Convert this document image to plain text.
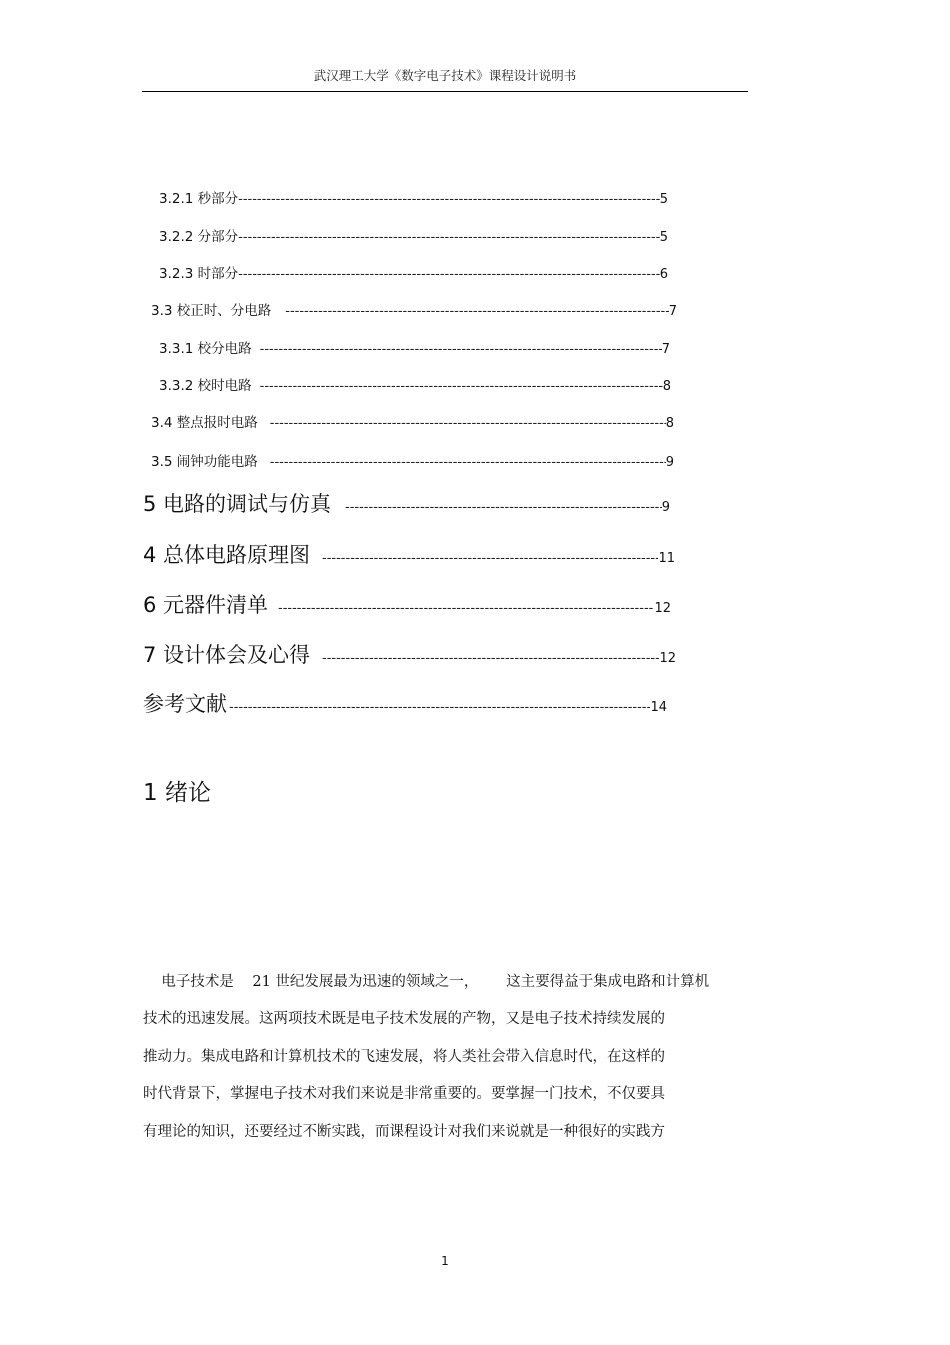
武汉理工大学《数字电子技术》课程设计说明书
3.2.1 秒部分 -----	5
3.2.2 分部分 -----	5
3.2.3 时部分 -----	6
3.3 校正时、分电路 -----	7
3.3.1 校分电路 -----	7
3.3.2 校时电路 -----	8
3.4 整点报时电路 -----	8
3.5 闹钟功能电路 -----	9
5 电路的调试与仿真 -----	9
4 总体电路原理图 -----	11
6 元器件清单 -----	12
7 设计体会及心得 -----	12
参考文献 -----	14
1 绪论

电子技术是    21 世纪发展最为迅速的领域之一，      这主要得益于集成电路和计算机

技术的迅速发展。这两项技术既是电子技术发展的产物，又是电子技术持续发展的

推动力。集成电路和计算机技术的飞速发展，将人类社会带入信息时代，在这样的

时代背景下，掌握电子技术对我们来说是非常重要的。要掌握一门技术，不仅要具

有理论的知识，还要经过不断实践，而课程设计对我们来说就是一种很好的实践方

1
